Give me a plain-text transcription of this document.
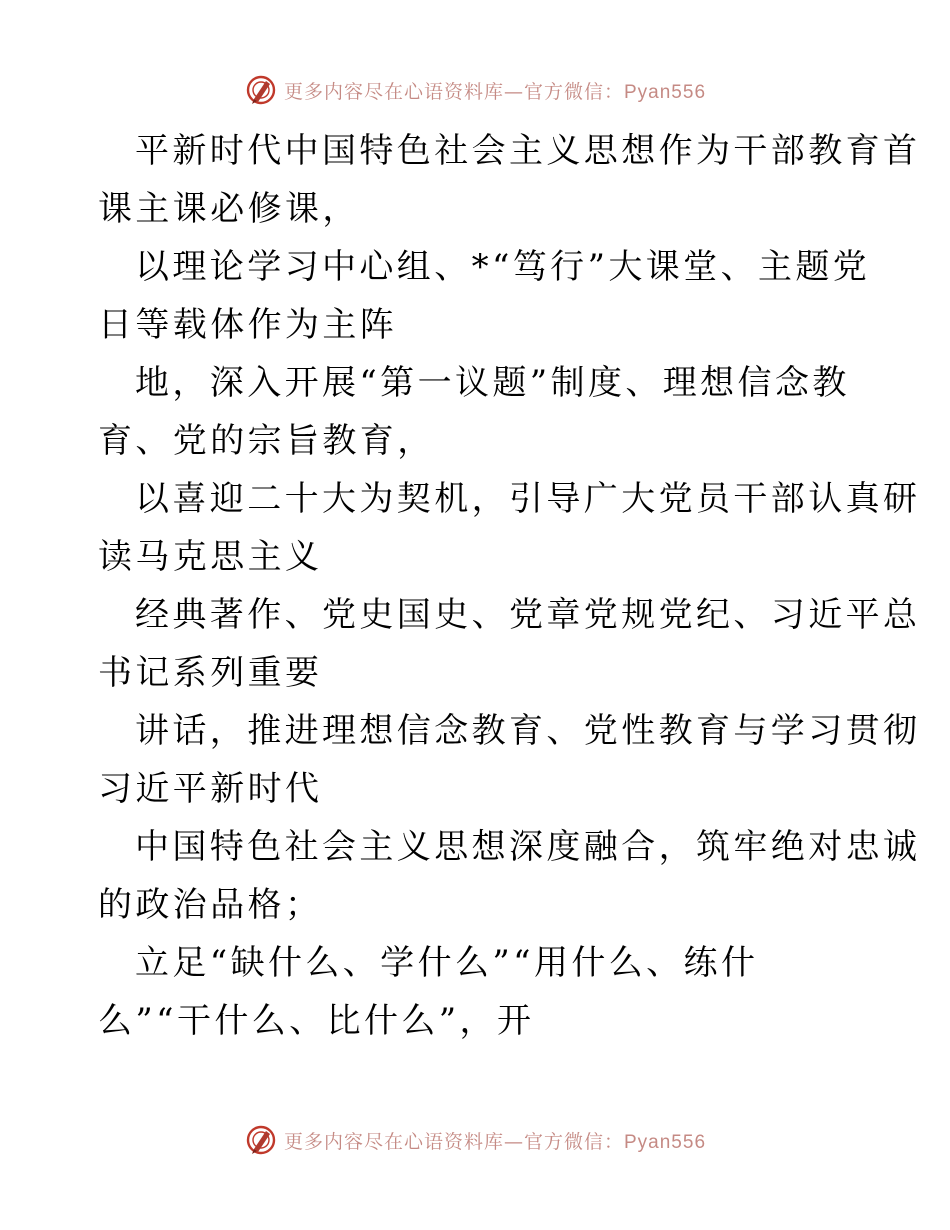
更多内容尽在心语资料库—官方微信：Pyan556
平新时代中国特色社会主义思想作为干部教育首
课主课必修课，
以理论学习中心组、*“笃行”大课堂、主题党
日等载体作为主阵
地，深入开展“第一议题”制度、理想信念教
育、党的宗旨教育，
以喜迎二十大为契机，引导广大党员干部认真研
读马克思主义
经典著作、党史国史、党章党规党纪、习近平总
书记系列重要
讲话，推进理想信念教育、党性教育与学习贯彻
习近平新时代
中国特色社会主义思想深度融合，筑牢绝对忠诚
的政治品格；
立足“缺什么、学什么”“用什么、练什
么”“干什么、比什么”，开
更多内容尽在心语资料库—官方微信：Pyan556
